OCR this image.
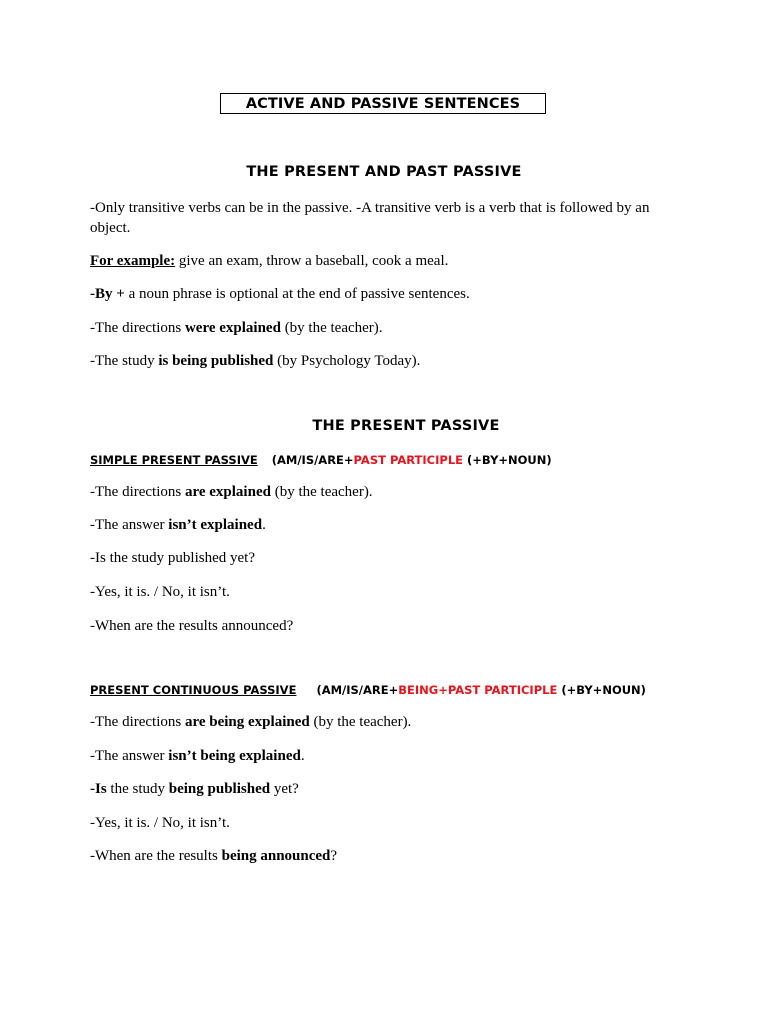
ACTIVE AND PASSIVE SENTENCES
THE PRESENT AND PAST PASSIVE
-Only transitive verbs can be in the passive. -A transitive verb is a verb that is followed by an object.
For example: give an exam, throw a baseball, cook a meal.
-By + a noun phrase is optional at the end of passive sentences.
-The directions were explained (by the teacher).
-The study is being published (by Psychology Today).
THE PRESENT PASSIVE
SIMPLE PRESENT PASSIVE (AM/IS/ARE+PAST PARTICIPLE (+BY+NOUN)
-The directions are explained (by the teacher).
-The answer isn’t explained.
-Is the study published yet?
-Yes, it is. / No, it isn’t.
-When are the results announced?
PRESENT CONTINUOUS PASSIVE (AM/IS/ARE+BEING+PAST PARTICIPLE (+BY+NOUN)
-The directions are being explained (by the teacher).
-The answer isn’t being explained.
-Is the study being published yet?
-Yes, it is. / No, it isn’t.
-When are the results being announced?
